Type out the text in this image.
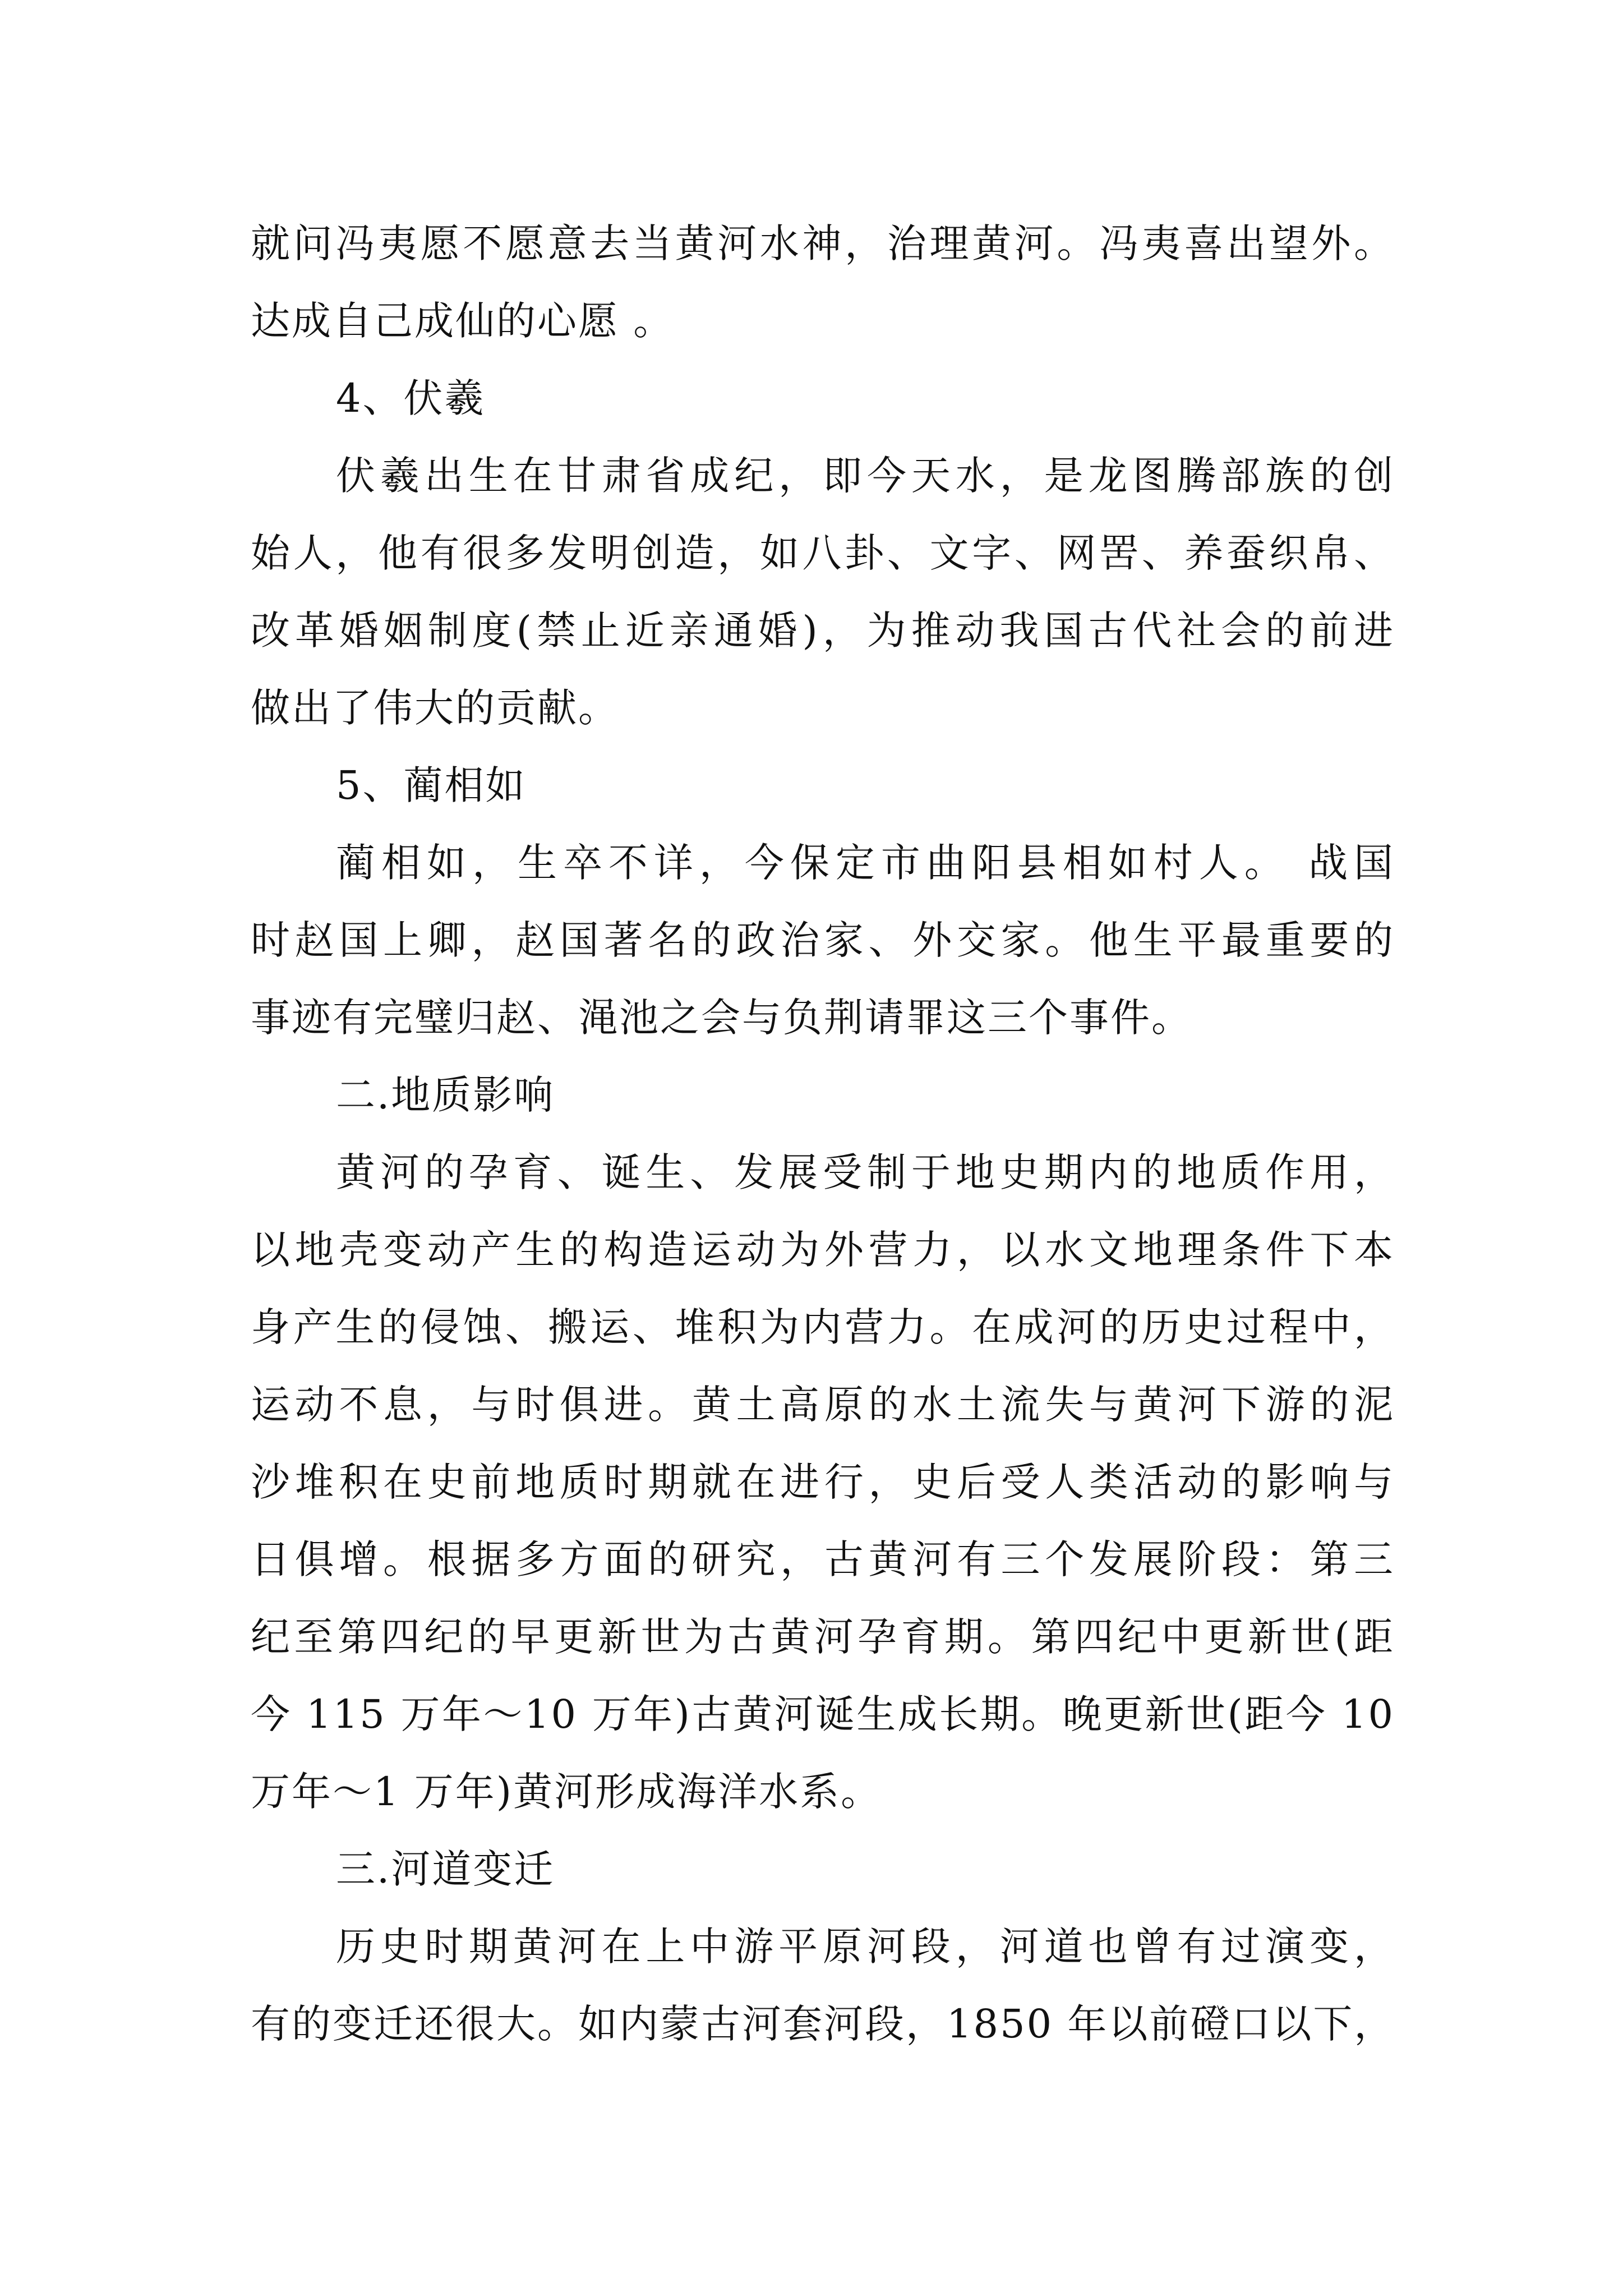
就问冯夷愿不愿意去当黄河水神，治理黄河。冯夷喜出望外。
达成自己成仙的心愿 。
4、伏羲
伏羲出生在甘肃省成纪，即今天水，是龙图腾部族的创
始人，他有很多发明创造，如八卦、文字、网罟、养蚕织帛、
改革婚姻制度(禁止近亲通婚)，为推动我国古代社会的前进
做出了伟大的贡献。
5、蔺相如
蔺相如，生卒不详，今保定市曲阳县相如村人。 战国
时赵国上卿，赵国著名的政治家、外交家。他生平最重要的
事迹有完璧归赵、渑池之会与负荆请罪这三个事件。
二.地质影响
黄河的孕育、诞生、发展受制于地史期内的地质作用，
以地壳变动产生的构造运动为外营力，以水文地理条件下本
身产生的侵蚀、搬运、堆积为内营力。在成河的历史过程中，
运动不息，与时俱进。黄土高原的水土流失与黄河下游的泥
沙堆积在史前地质时期就在进行，史后受人类活动的影响与
日俱增。根据多方面的研究，古黄河有三个发展阶段：第三
纪至第四纪的早更新世为古黄河孕育期。第四纪中更新世(距
今 115 万年～10 万年)古黄河诞生成长期。晚更新世(距今 10
万年～1 万年)黄河形成海洋水系。
三.河道变迁
历史时期黄河在上中游平原河段，河道也曾有过演变，
有的变迁还很大。如内蒙古河套河段，1850 年以前磴口以下，
